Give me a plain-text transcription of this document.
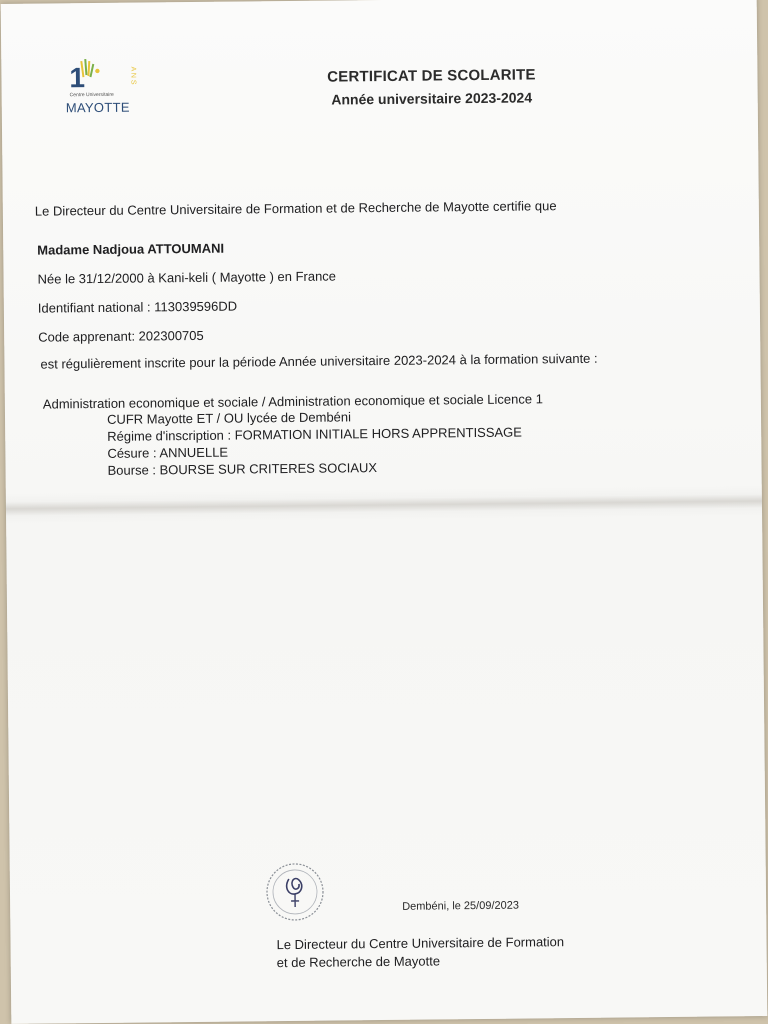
1	A N S
Centre Universitaire
MAYOTTE
CERTIFICAT DE SCOLARITE
Année universitaire 2023-2024
Le Directeur du Centre Universitaire de Formation et de Recherche de Mayotte certifie que
Madame Nadjoua ATTOUMANI
Née le 31/12/2000 à Kani-keli ( Mayotte ) en France
Identifiant national : 113039596DD
Code apprenant: 202300705
est régulièrement inscrite pour la période Année universitaire 2023-2024 à la formation suivante :
Administration economique et sociale / Administration economique et sociale Licence 1
CUFR Mayotte ET / OU lycée de Dembéni
Régime d'inscription : FORMATION INITIALE HORS APPRENTISSAGE
Césure : ANNUELLE
Bourse : BOURSE SUR CRITERES SOCIAUX
Dembéni, le 25/09/2023
Le Directeur du Centre Universitaire de Formation
et de Recherche de Mayotte
